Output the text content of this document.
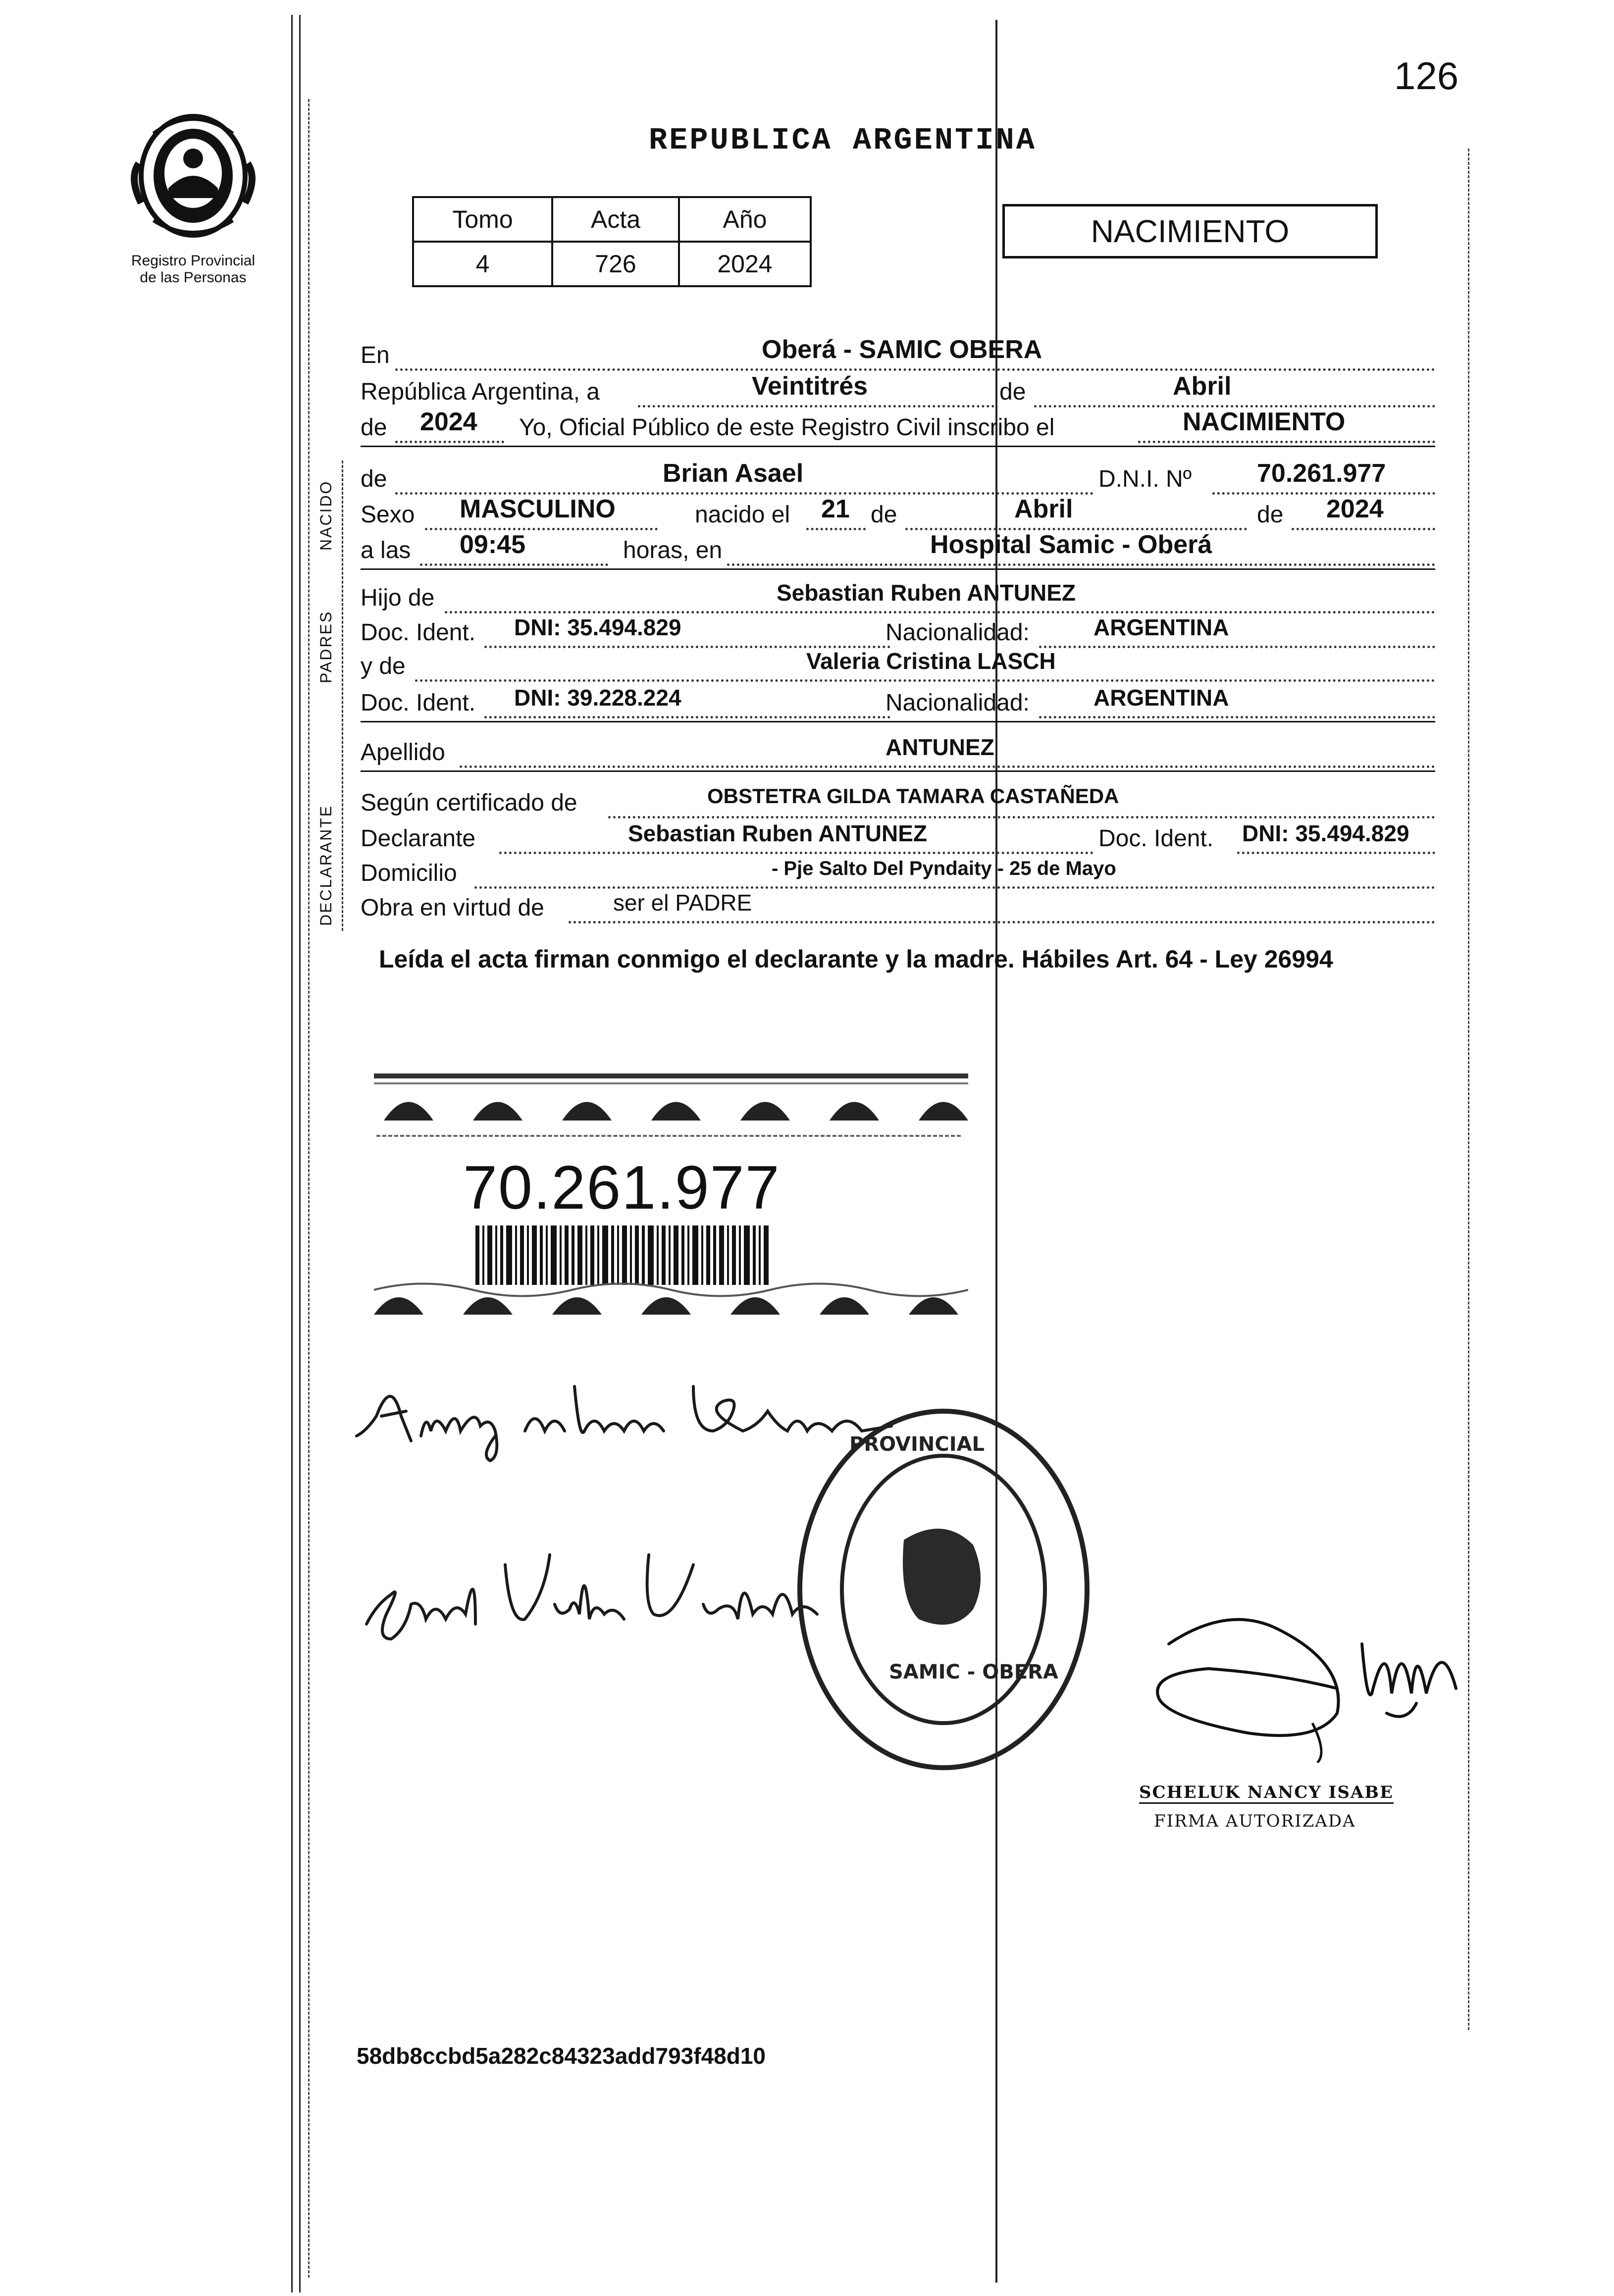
Registro Provincial
de las Personas
126
REPUBLICA ARGENTINA
Tomo	Acta	Año
4	726	2024
NACIMIENTO
NACIDO
PADRES
DECLARANTE
En	Oberá - SAMIC OBERA
República Argentina, a	Veintitrés	de	Abril
de 2024 Yo, Oficial Público de este Registro Civil inscribo el	NACIMIENTO
de	Brian Asael	D.N.I. Nº	70.261.977
Sexo MASCULINO	nacido el 21 de	Abril	de 2024
a las 09:45	horas, en	Hospital Samic - Oberá
Hijo de	Sebastian Ruben ANTUNEZ
Doc. Ident. DNI: 35.494.829	Nacionalidad:	ARGENTINA
y de	Valeria Cristina LASCH
Doc. Ident. DNI: 39.228.224	Nacionalidad:	ARGENTINA
Apellido	ANTUNEZ
Según certificado de	OBSTETRA GILDA TAMARA CASTAÑEDA
Declarante	Sebastian Ruben ANTUNEZ	Doc. Ident. DNI: 35.494.829
Domicilio	- Pje Salto Del Pyndaity - 25 de Mayo
Obra en virtud de	ser el PADRE
Leída el acta firman conmigo el declarante y la madre. Hábiles Art. 64 - Ley 26994
70.261.977
PROVINCIAL
SAMIC - OBERA
SCHELUK NANCY ISABE
FIRMA AUTORIZADA
58db8ccbd5a282c84323add793f48d10
